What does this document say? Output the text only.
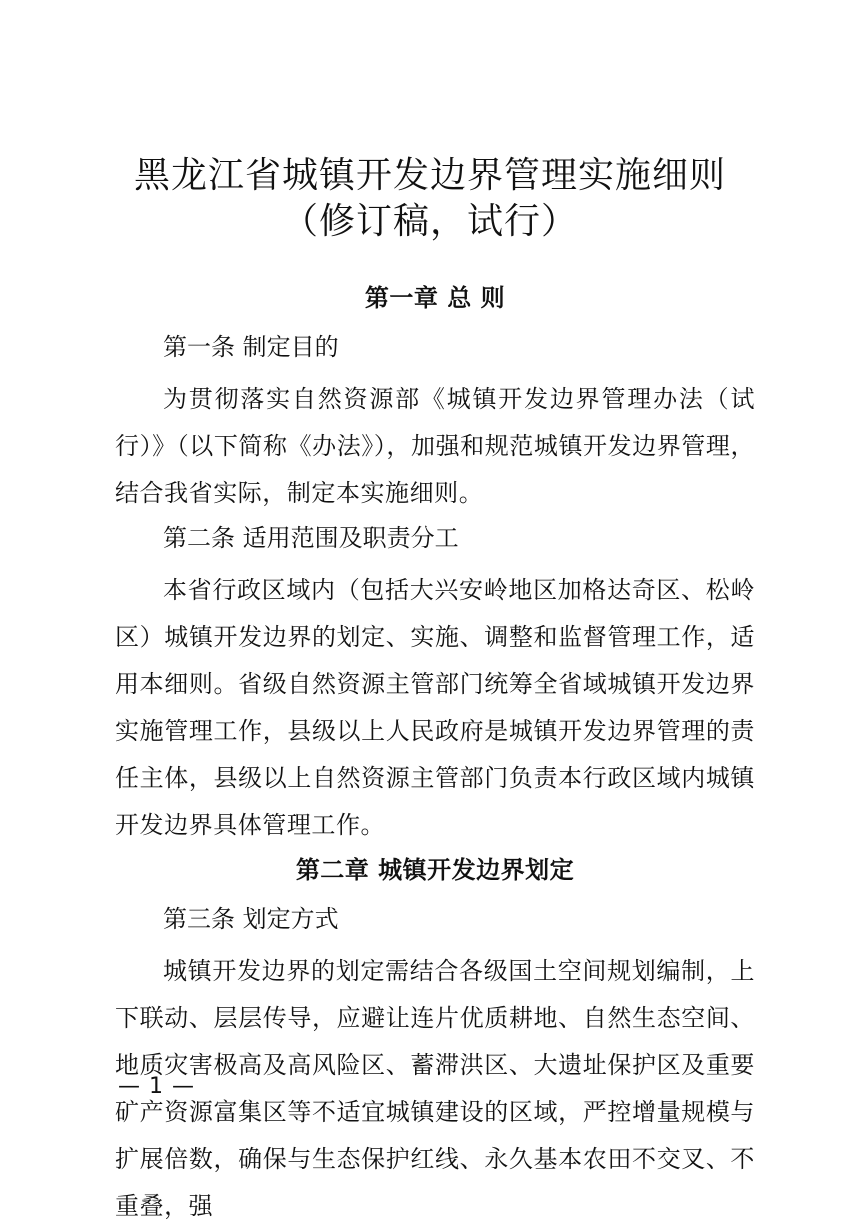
黑龙江省城镇开发边界管理实施细则
（修订稿，试行）
第一章 总 则
第一条 制定目的

为贯彻落实自然资源部《城镇开发边界管理办法（试行）》（以下简称《办法》），加强和规范城镇开发边界管理，结合我省实际，制定本实施细则。

第二条 适用范围及职责分工

本省行政区域内（包括大兴安岭地区加格达奇区、松岭区）城镇开发边界的划定、实施、调整和监督管理工作，适用本细则。省级自然资源主管部门统筹全省域城镇开发边界实施管理工作，县级以上人民政府是城镇开发边界管理的责任主体，县级以上自然资源主管部门负责本行政区域内城镇开发边界具体管理工作。

第二章 城镇开发边界划定
第三条 划定方式

城镇开发边界的划定需结合各级国土空间规划编制，上下联动、层层传导，应避让连片优质耕地、自然生态空间、地质灾害极高及高风险区、蓄滞洪区、大遗址保护区及重要矿产资源富集区等不适宜城镇建设的区域，严控增量规模与扩展倍数，确保与生态保护红线、永久基本农田不交叉、不重叠，强

— 1 —
